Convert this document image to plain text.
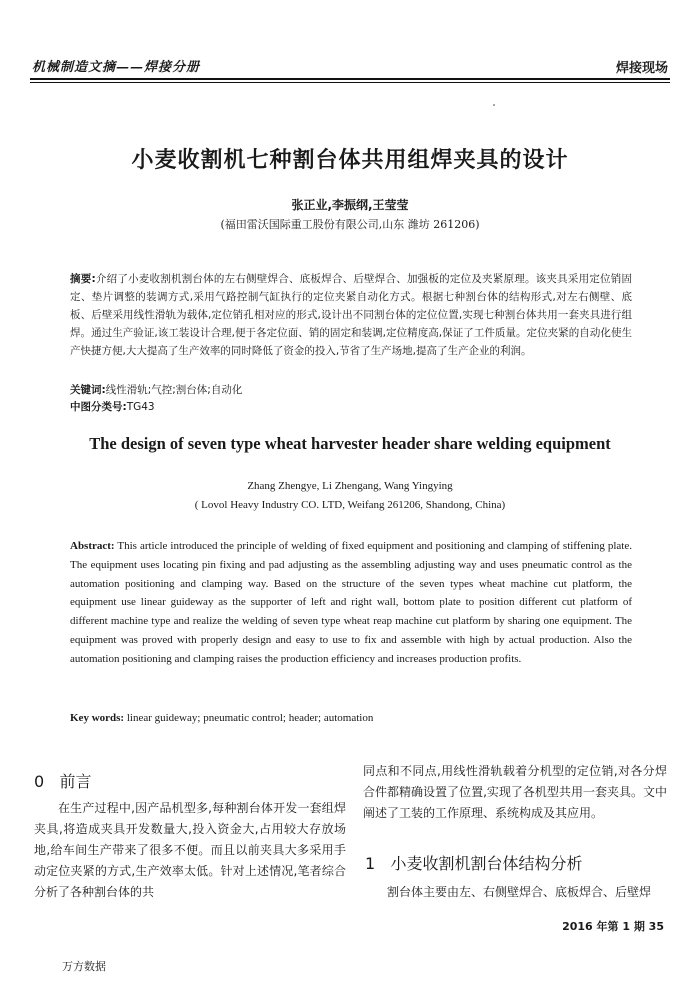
机械制造文摘——焊接分册	焊接现场
小麦收割机七种割台体共用组焊夹具的设计
张正业,李振纲,王莹莹
(福田雷沃国际重工股份有限公司,山东 潍坊 261206)
摘要:介绍了小麦收割机割台体的左右侧壁焊合、底板焊合、后壁焊合、加强板的定位及夹紧原理。该夹具采用定位销固定、垫片调整的装调方式,采用气路控制气缸执行的定位夹紧自动化方式。根据七种割台体的结构形式,对左右侧壁、底板、后壁采用线性滑轨为载体,定位销孔相对应的形式,设计出不同割台体的定位位置,实现七种割台体共用一套夹具进行组焊。通过生产验证,该工装设计合理,便于各定位面、销的固定和装调,定位精度高,保证了工件质量。定位夹紧的自动化使生产快捷方便,大大提高了生产效率的同时降低了资金的投入,节省了生产场地,提高了生产企业的利润。
关键词:线性滑轨;气控;割台体;自动化
中图分类号:TG43
The design of seven type wheat harvester header share welding equipment
Zhang Zhengye, Li Zhengang, Wang Yingying
( Lovol Heavy Industry CO. LTD, Weifang 261206, Shandong, China)
Abstract: This article introduced the principle of welding of fixed equipment and positioning and clamping of stiffening plate. The equipment uses locating pin fixing and pad adjusting as the assembling adjusting way and uses pneumatic control as the automation positioning and clamping way. Based on the structure of the seven types wheat machine cut platform, the equipment use linear guideway as the supporter of left and right wall, bottom plate to position different cut platform of different machine type and realize the welding of seven type wheat reap machine cut platform by sharing one equipment. The equipment was proved with properly design and easy to use to fix and assemble with high by actual production. Also the automation positioning and clamping raises the production efficiency and increases production profits.
Key words: linear guideway; pneumatic control; header; automation
0 前言
在生产过程中,因产品机型多,每种割台体开发一套组焊夹具,将造成夹具开发数量大,投入资金大,占用较大存放场地,给车间生产带来了很多不便。而且以前夹具大多采用手动定位夹紧的方式,生产效率太低。针对上述情况,笔者综合分析了各种割台体的共
同点和不同点,用线性滑轨载着分机型的定位销,对各分焊合件都精确设置了位置,实现了各机型共用一套夹具。文中阐述了工装的工作原理、系统构成及其应用。
1 小麦收割机割台体结构分析
割台体主要由左、右侧壁焊合、底板焊合、后壁焊
2016 年第 1 期 35
万方数据
